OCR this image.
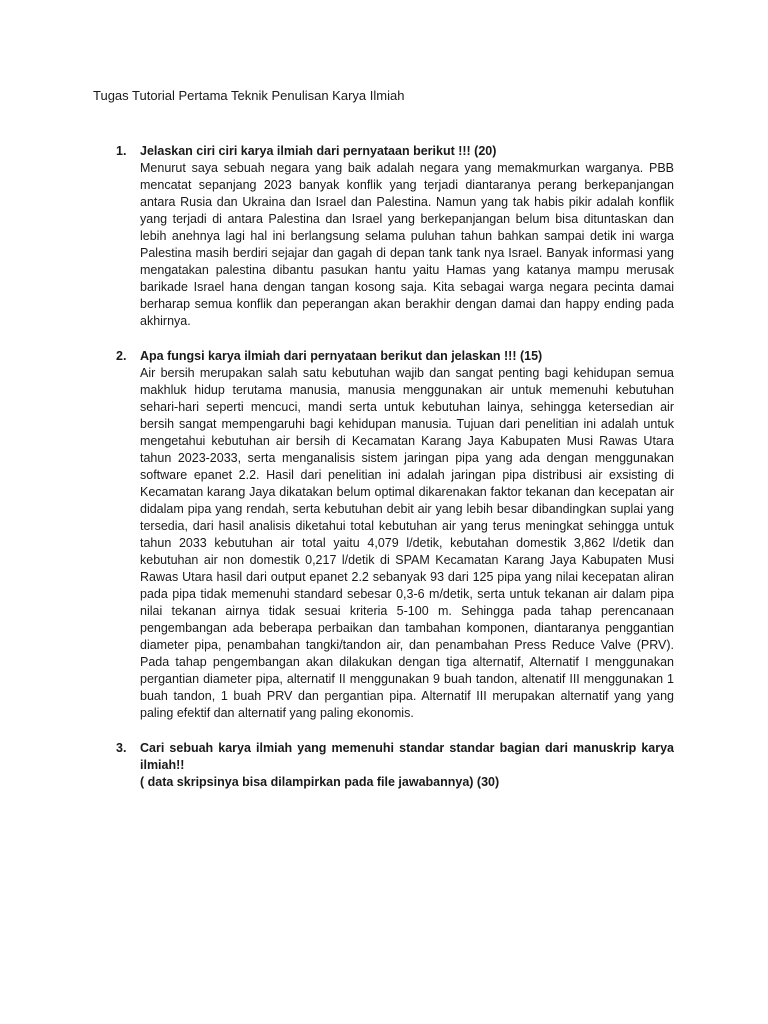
Tugas Tutorial Pertama Teknik Penulisan Karya Ilmiah
1. Jelaskan ciri ciri karya ilmiah dari pernyataan berikut !!! (20)

Menurut saya sebuah negara yang baik adalah negara yang memakmurkan warganya. PBB mencatat sepanjang 2023 banyak konflik yang terjadi diantaranya perang berkepanjangan antara Rusia dan Ukraina dan Israel dan Palestina. Namun yang tak habis pikir adalah konflik yang terjadi di antara Palestina dan Israel yang berkepanjangan belum bisa dituntaskan dan lebih anehnya lagi hal ini berlangsung selama puluhan tahun bahkan sampai detik ini warga Palestina masih berdiri sejajar dan gagah di depan tank tank nya Israel. Banyak informasi yang mengatakan palestina dibantu pasukan hantu yaitu Hamas yang katanya mampu merusak barikade Israel hana dengan tangan kosong saja. Kita sebagai warga negara pecinta damai berharap semua konflik dan peperangan akan berakhir dengan damai dan happy ending pada akhirnya.

2. Apa fungsi karya ilmiah dari pernyataan berikut dan jelaskan !!! (15)

Air bersih merupakan salah satu kebutuhan wajib dan sangat penting bagi kehidupan semua makhluk hidup terutama manusia, manusia menggunakan air untuk memenuhi kebutuhan sehari-hari seperti mencuci, mandi serta untuk kebutuhan lainya, sehingga ketersedian air bersih sangat mempengaruhi bagi kehidupan manusia. Tujuan dari penelitian ini adalah untuk mengetahui kebutuhan air bersih di Kecamatan Karang Jaya Kabupaten Musi Rawas Utara tahun 2023-2033, serta menganalisis sistem jaringan pipa yang ada dengan menggunakan software epanet 2.2. Hasil dari penelitian ini adalah jaringan pipa distribusi air exsisting di Kecamatan karang Jaya dikatakan belum optimal dikarenakan faktor tekanan dan kecepatan air didalam pipa yang rendah, serta kebutuhan debit air yang lebih besar dibandingkan suplai yang tersedia, dari hasil analisis diketahui total kebutuhan air yang terus meningkat sehingga untuk tahun 2033 kebutuhan air total yaitu 4,079 l/detik, kebutahan domestik 3,862 l/detik dan kebutuhan air non domestik 0,217 l/detik di SPAM Kecamatan Karang Jaya Kabupaten Musi Rawas Utara hasil dari output epanet 2.2 sebanyak 93 dari 125 pipa yang nilai kecepatan aliran pada pipa tidak memenuhi standard sebesar 0,3-6 m/detik, serta untuk tekanan air dalam pipa nilai tekanan airnya tidak sesuai kriteria 5-100 m. Sehingga pada tahap perencanaan pengembangan ada beberapa perbaikan dan tambahan komponen, diantaranya penggantian diameter pipa, penambahan tangki/tandon air, dan penambahan Press Reduce Valve (PRV). Pada tahap pengembangan akan dilakukan dengan tiga alternatif, Alternatif I menggunakan pergantian diameter pipa, alternatif II menggunakan 9 buah tandon, altenatif III menggunakan 1 buah tandon, 1 buah PRV dan pergantian pipa. Alternatif III merupakan alternatif yang yang paling efektif dan alternatif yang paling ekonomis.

3. Cari sebuah karya ilmiah yang memenuhi standar standar bagian dari manuskrip karya ilmiah!!

( data skripsinya bisa dilampirkan pada file jawabannya) (30)
